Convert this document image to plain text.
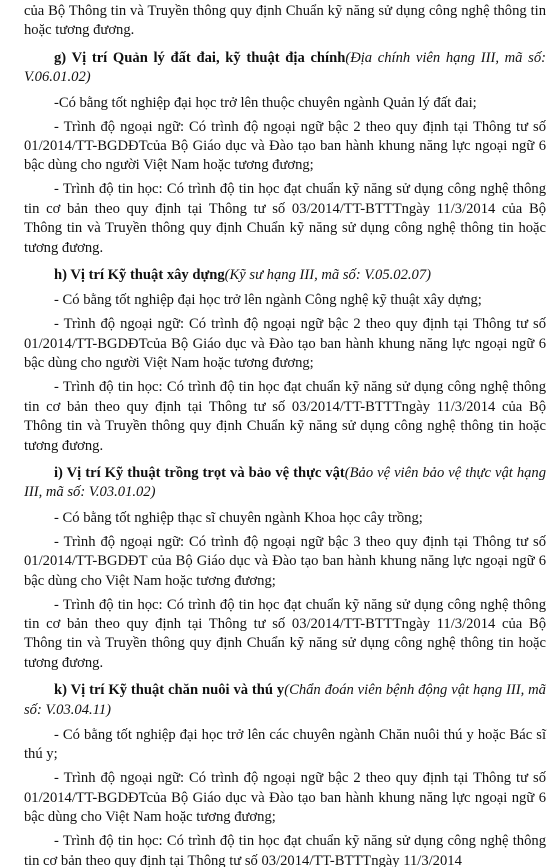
của Bộ Thông tin và Truyền thông quy định Chuẩn kỹ năng sử dụng công nghệ thông tin hoặc tương đương.

g) Vị trí Quản lý đất đai, kỹ thuật địa chính(Địa chính viên hạng III, mã số: V.06.01.02)

-Có bằng tốt nghiệp đại học trở lên thuộc chuyên ngành Quản lý đất đai;

- Trình độ ngoại ngữ: Có trình độ ngoại ngữ bậc 2 theo quy định tại Thông tư số 01/2014/TT-BGDĐTcủa Bộ Giáo dục và Đào tạo ban hành khung năng lực ngoại ngữ 6 bậc dùng cho người Việt Nam hoặc tương đương;

- Trình độ tin học: Có trình độ tin học đạt chuẩn kỹ năng sử dụng công nghệ thông tin cơ bản theo quy định tại Thông tư số 03/2014/TT-BTTTngày 11/3/2014 của Bộ Thông tin và Truyền thông quy định Chuẩn kỹ năng sử dụng công nghệ thông tin hoặc tương đương.

h) Vị trí Kỹ thuật xây dựng(Kỹ sư hạng III, mã số: V.05.02.07)

- Có bằng tốt nghiệp đại học trở lên ngành Công nghệ kỹ thuật xây dựng;

- Trình độ ngoại ngữ: Có trình độ ngoại ngữ bậc 2 theo quy định tại Thông tư số 01/2014/TT-BGDĐTcủa Bộ Giáo dục và Đào tạo ban hành khung năng lực ngoại ngữ 6 bậc dùng cho người Việt Nam hoặc tương đương;

- Trình độ tin học: Có trình độ tin học đạt chuẩn kỹ năng sử dụng công nghệ thông tin cơ bản theo quy định tại Thông tư số 03/2014/TT-BTTTngày 11/3/2014 của Bộ Thông tin và Truyền thông quy định Chuẩn kỹ năng sử dụng công nghệ thông tin hoặc tương đương.

i) Vị trí Kỹ thuật trồng trọt và bảo vệ thực vật(Bảo vệ viên bảo vệ thực vật hạng III, mã số: V.03.01.02)

- Có bằng tốt nghiệp thạc sĩ chuyên ngành Khoa học cây trồng;

- Trình độ ngoại ngữ: Có trình độ ngoại ngữ bậc 3 theo quy định tại Thông tư số 01/2014/TT-BGDĐT của Bộ Giáo dục và Đào tạo ban hành khung năng lực ngoại ngữ 6 bậc dùng cho Việt Nam hoặc tương đương;

- Trình độ tin học: Có trình độ tin học đạt chuẩn kỹ năng sử dụng công nghệ thông tin cơ bản theo quy định tại Thông tư số 03/2014/TT-BTTTngày 11/3/2014 của Bộ Thông tin và Truyền thông quy định Chuẩn kỹ năng sử dụng công nghệ thông tin hoặc tương đương.

k) Vị trí Kỹ thuật chăn nuôi và thú y(Chẩn đoán viên bệnh động vật hạng III, mã số: V.03.04.11)

- Có bằng tốt nghiệp đại học trở lên các chuyên ngành Chăn nuôi thú y hoặc Bác sĩ thú y;

- Trình độ ngoại ngữ: Có trình độ ngoại ngữ bậc 2 theo quy định tại Thông tư số 01/2014/TT-BGDĐTcủa Bộ Giáo dục và Đào tạo ban hành khung năng lực ngoại ngữ 6 bậc dùng cho Việt Nam hoặc tương đương;

- Trình độ tin học: Có trình độ tin học đạt chuẩn kỹ năng sử dụng công nghệ thông tin cơ bản theo quy định tại Thông tư số 03/2014/TT-BTTTngày 11/3/2014
